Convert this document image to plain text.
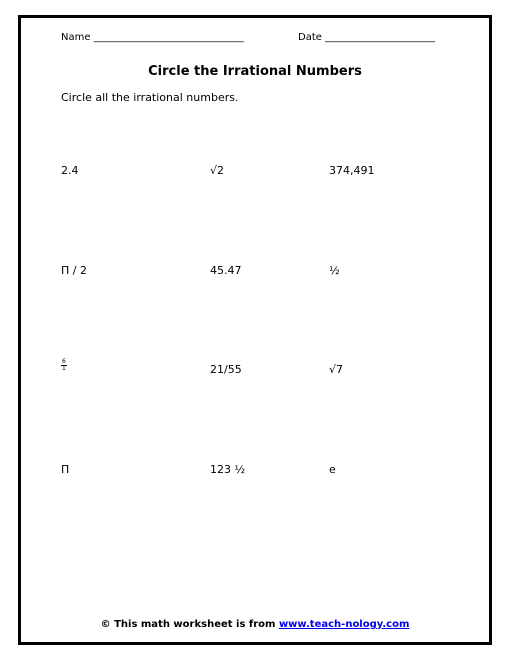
Name ______________________________	Date ______________________
Circle the Irrational Numbers
Circle all the irrational numbers.
2.4	√2	374,491
Π / 2	45.47	½
$\frac{6}{1}$	21/55	√7
Π	123 ½	e
© This math worksheet is from www.teach-nology.com
